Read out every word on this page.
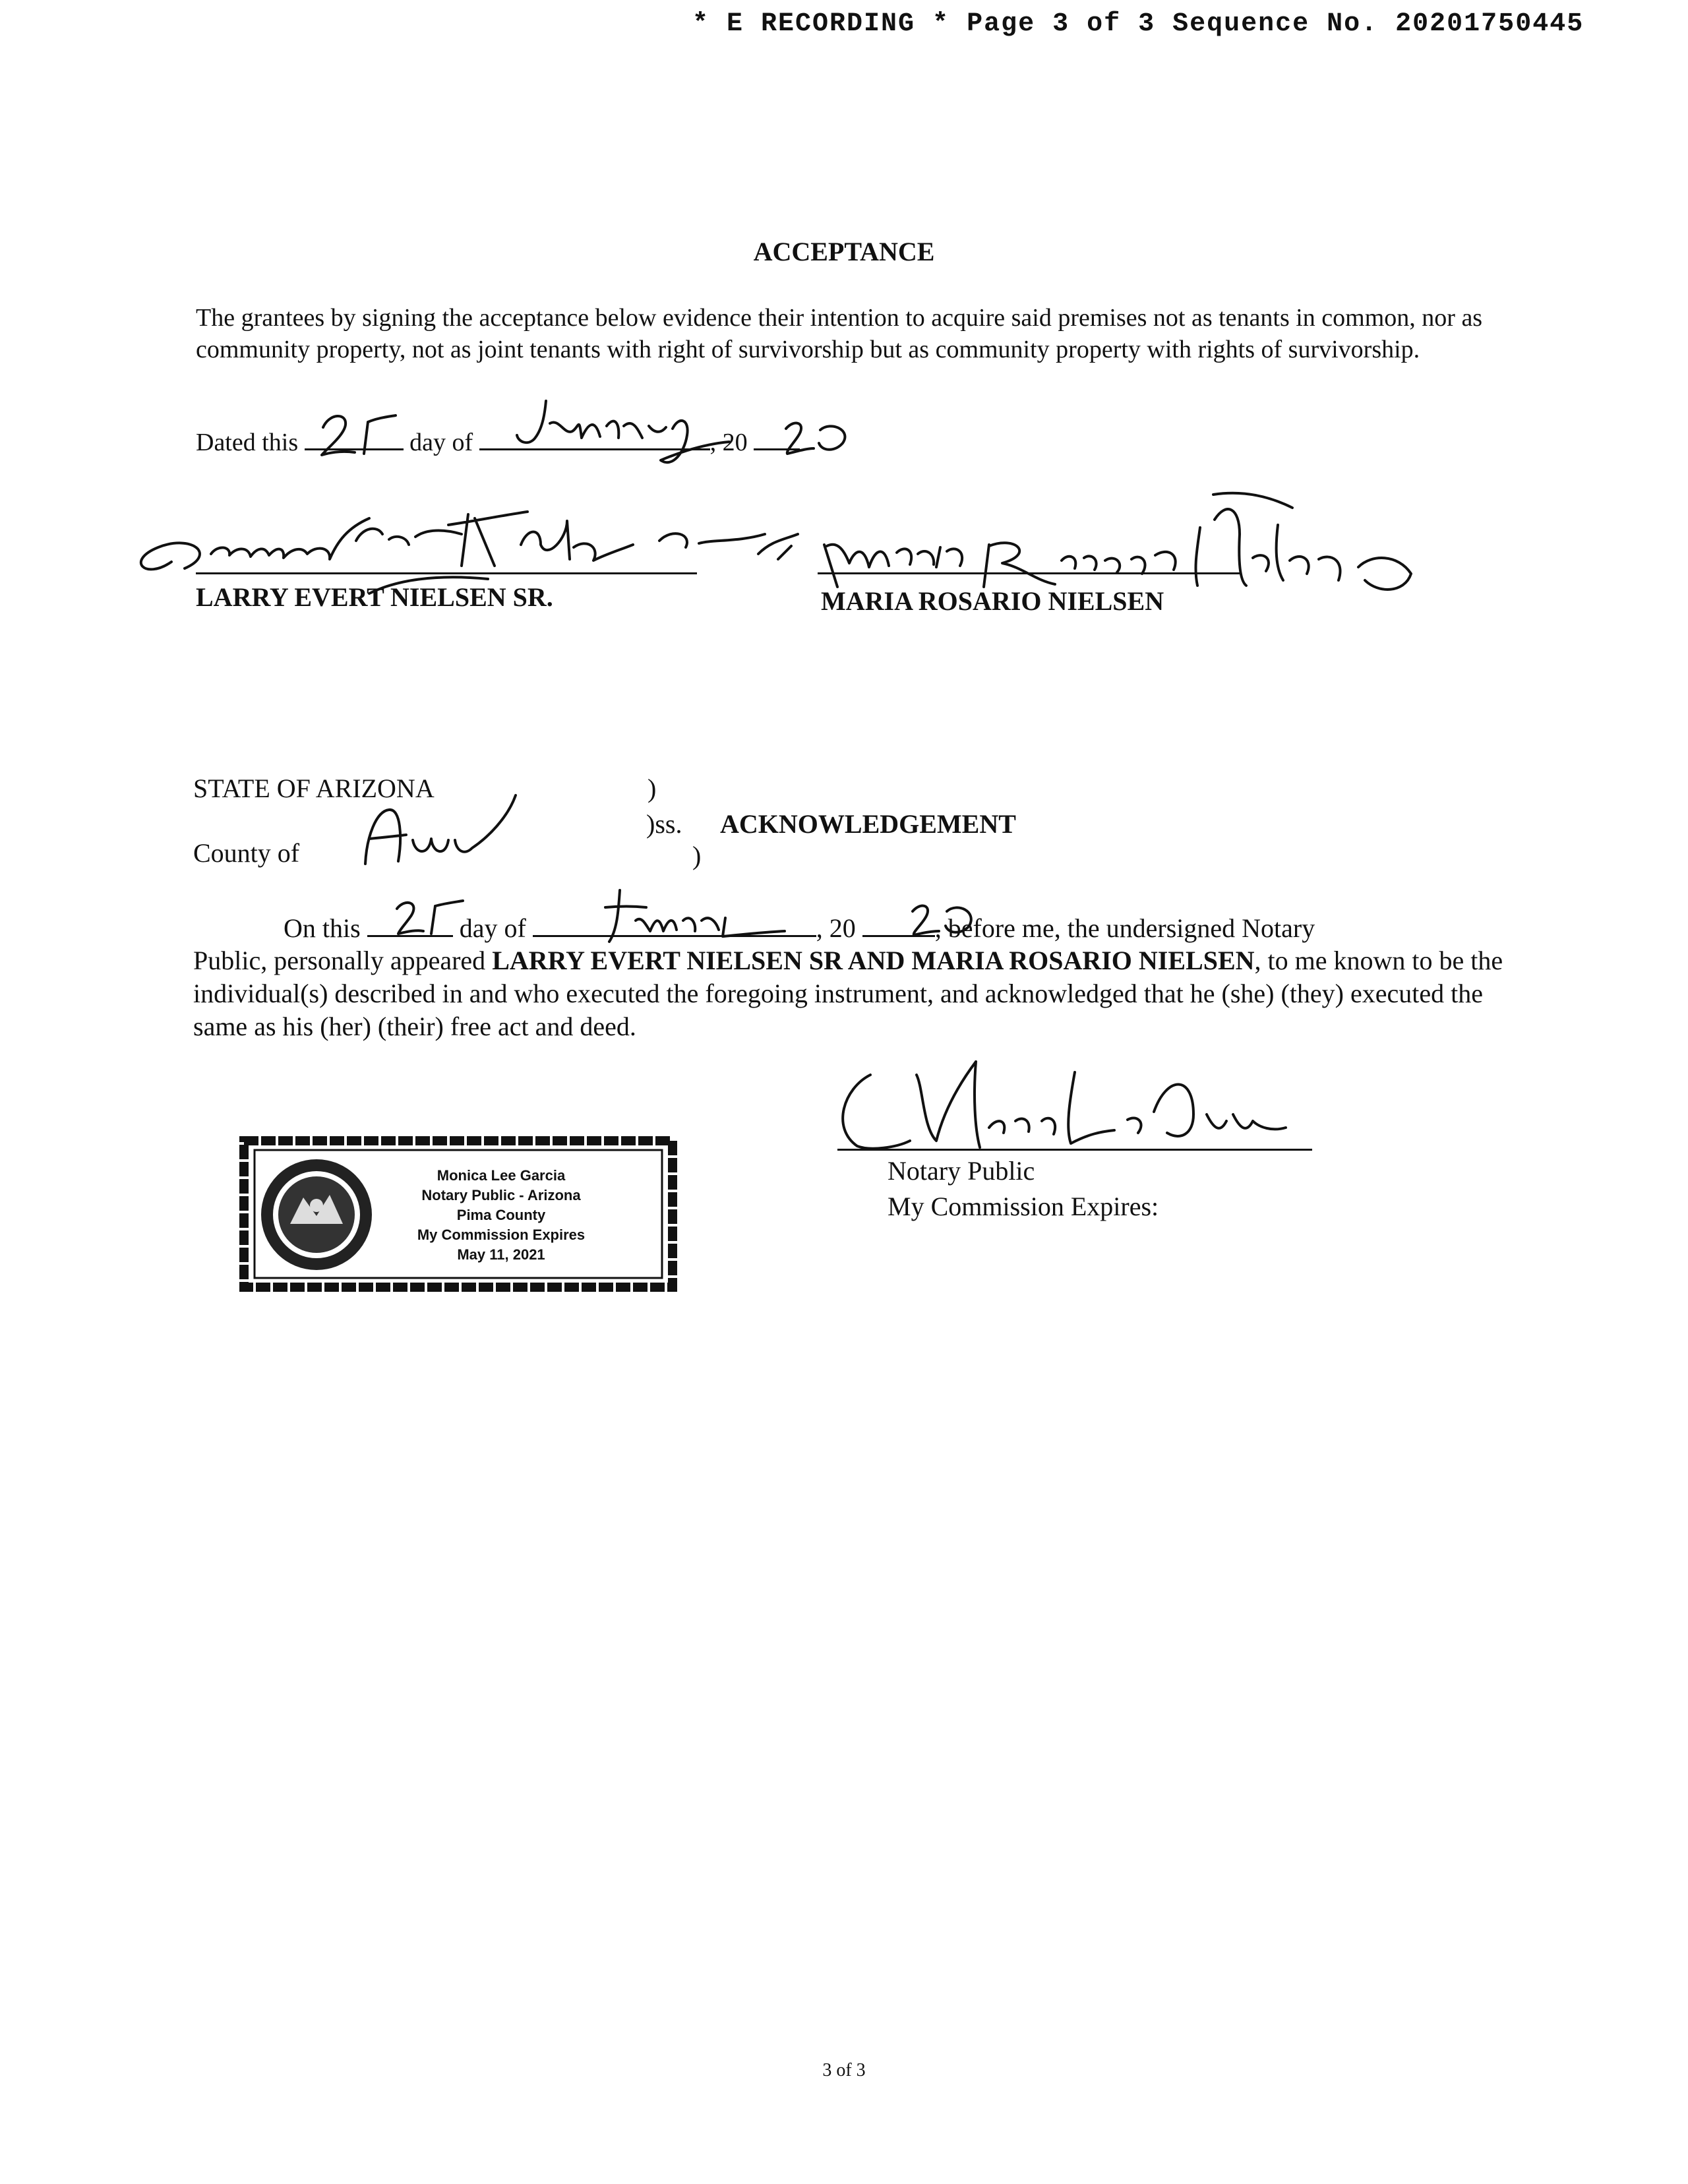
* E RECORDING * Page 3 of 3 Sequence No. 20201750445
ACCEPTANCE
The grantees by signing the acceptance below evidence their intention to acquire said premises not as tenants in common, nor as community property, not as joint tenants with right of survivorship but as community property with rights of survivorship.
Dated this	day of	, 20
LARRY EVERT NIELSEN SR.	MARIA ROSARIO NIELSEN
STATE OF ARIZONA	)
)ss. ACKNOWLEDGEMENT
)
County of
On this	day of	, 20	, before me, the undersigned Notary
Public, personally appeared LARRY EVERT NIELSEN SR AND MARIA ROSARIO NIELSEN, to me known to be the individual(s) described in and who executed the foregoing instrument, and acknowledged that he (she) (they) executed the same as his (her) (their) free act and deed.
Notary Public
My Commission Expires:
Monica Lee Garcia
Notary Public - Arizona
Pima County
My Commission Expires
May 11, 2021
3 of 3
